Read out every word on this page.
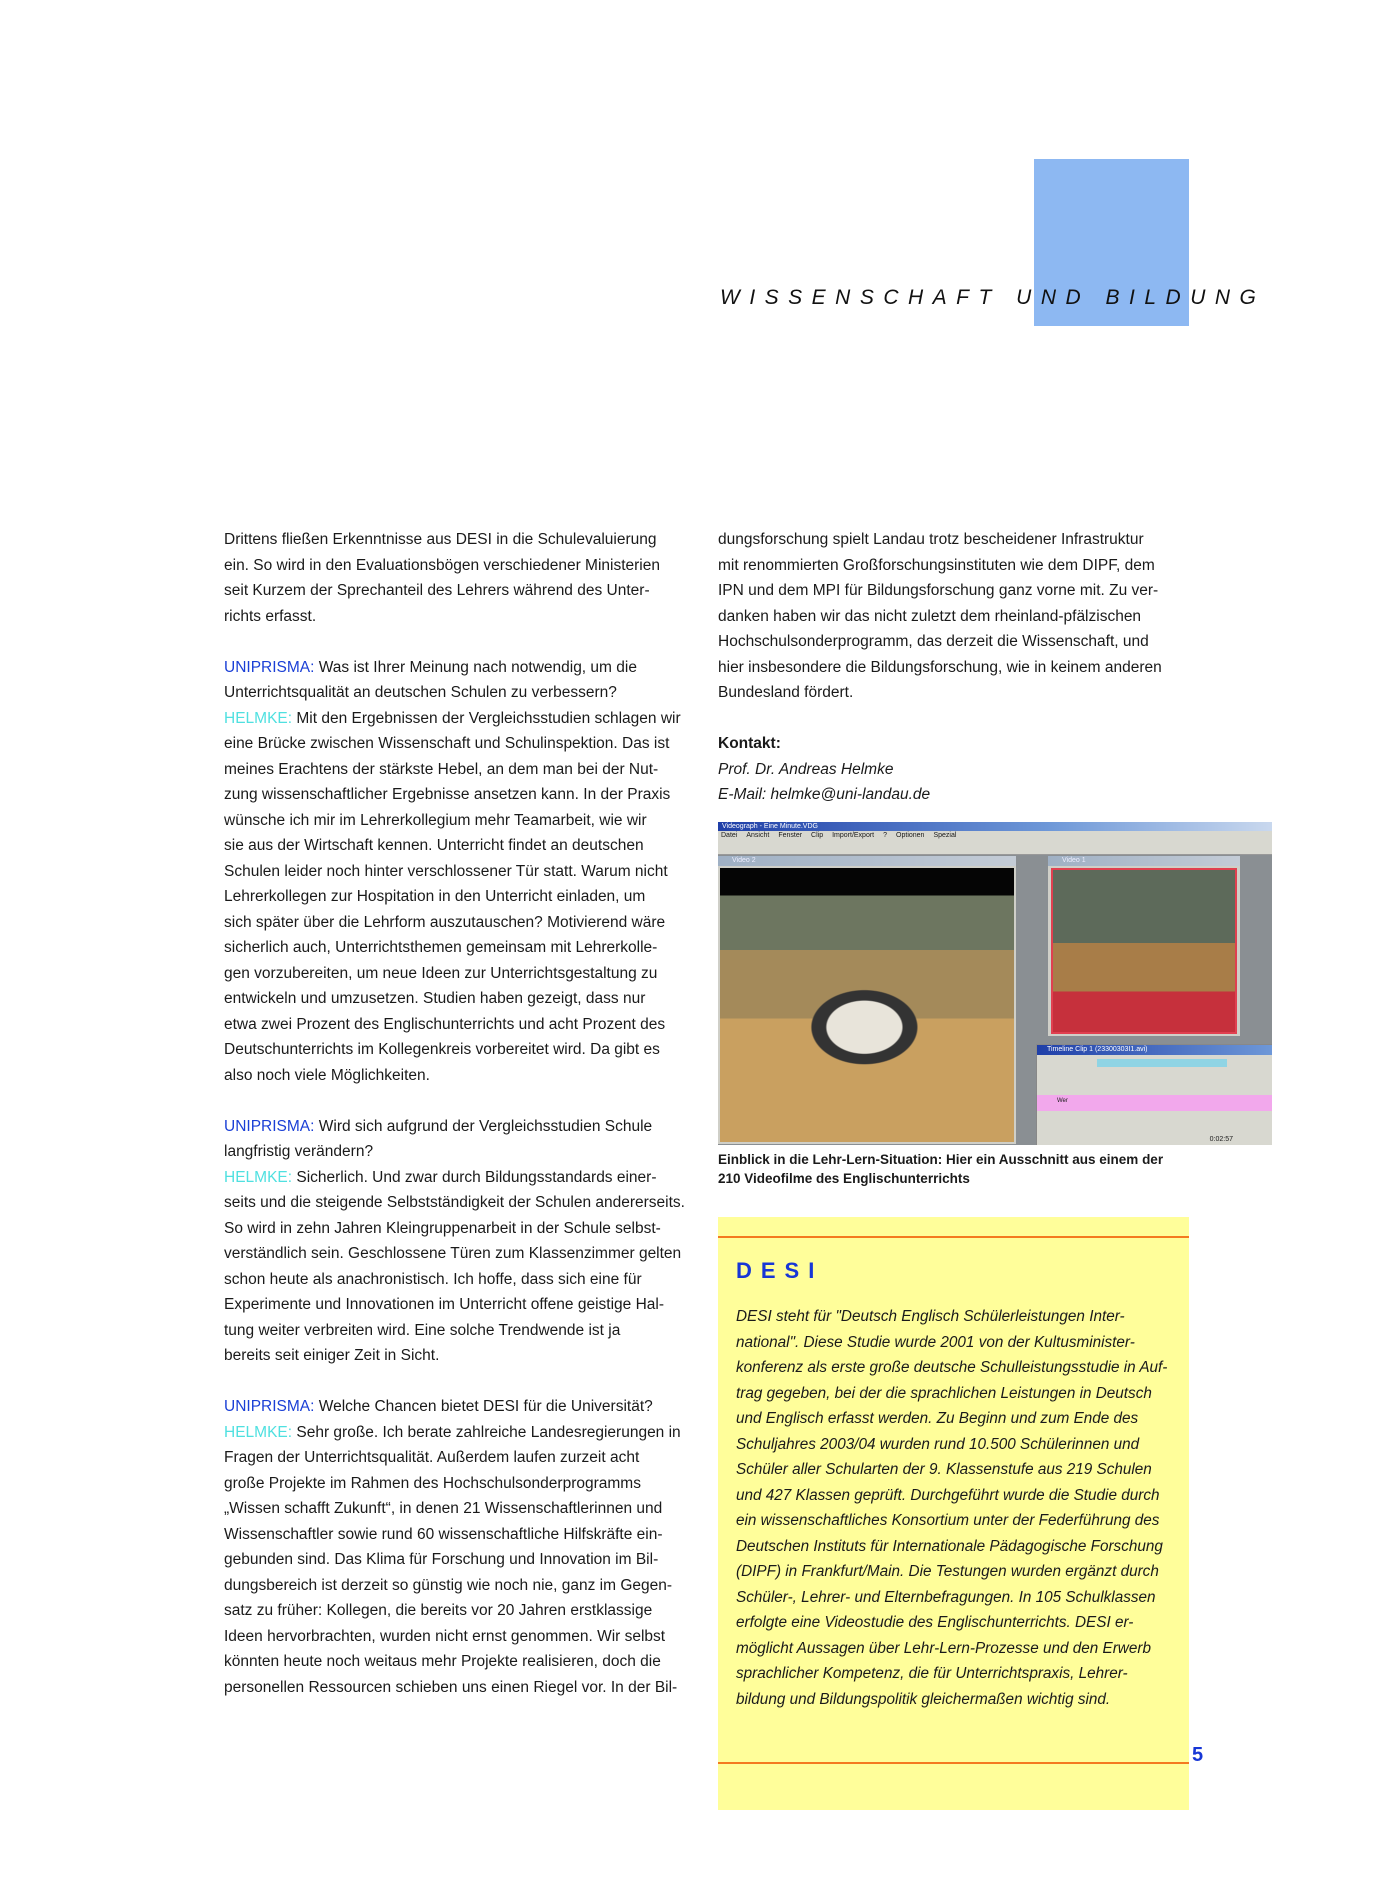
WISSENSCHAFT UND BILDUNG
Drittens fließen Erkenntnisse aus DESI in die Schulevaluierung
ein. So wird in den Evaluationsbögen verschiedener Ministerien
seit Kurzem der Sprechanteil des Lehrers während des Unter-
richts erfasst.
UNIPRISMA: Was ist Ihrer Meinung nach notwendig, um die
Unterrichtsqualität an deutschen Schulen zu verbessern?
HELMKE: Mit den Ergebnissen der Vergleichsstudien schlagen wir
eine Brücke zwischen Wissenschaft und Schulinspektion. Das ist
meines Erachtens der stärkste Hebel, an dem man bei der Nut-
zung wissenschaftlicher Ergebnisse ansetzen kann. In der Praxis
wünsche ich mir im Lehrerkollegium mehr Teamarbeit, wie wir
sie aus der Wirtschaft kennen. Unterricht findet an deutschen
Schulen leider noch hinter verschlossener Tür statt. Warum nicht
Lehrerkollegen zur Hospitation in den Unterricht einladen, um
sich später über die Lehrform auszutauschen? Motivierend wäre
sicherlich auch, Unterrichtsthemen gemeinsam mit Lehrerkolle-
gen vorzubereiten, um neue Ideen zur Unterrichtsgestaltung zu
entwickeln und umzusetzen. Studien haben gezeigt, dass nur
etwa zwei Prozent des Englischunterrichts und acht Prozent des
Deutschunterrichts im Kollegenkreis vorbereitet wird. Da gibt es
also noch viele Möglichkeiten.
UNIPRISMA: Wird sich aufgrund der Vergleichsstudien Schule
langfristig verändern?
HELMKE: Sicherlich. Und zwar durch Bildungsstandards einer-
seits und die steigende Selbstständigkeit der Schulen andererseits.
So wird in zehn Jahren Kleingruppenarbeit in der Schule selbst-
verständlich sein. Geschlossene Türen zum Klassenzimmer gelten
schon heute als anachronistisch. Ich hoffe, dass sich eine für
Experimente und Innovationen im Unterricht offene geistige Hal-
tung weiter verbreiten wird. Eine solche Trendwende ist ja
bereits seit einiger Zeit in Sicht.
UNIPRISMA: Welche Chancen bietet DESI für die Universität?
HELMKE: Sehr große. Ich berate zahlreiche Landesregierungen in
Fragen der Unterrichtsqualität. Außerdem laufen zurzeit acht
große Projekte im Rahmen des Hochschulsonderprogramms
„Wissen schafft Zukunft“, in denen 21 Wissenschaftlerinnen und
Wissenschaftler sowie rund 60 wissenschaftliche Hilfskräfte ein-
gebunden sind. Das Klima für Forschung und Innovation im Bil-
dungsbereich ist derzeit so günstig wie noch nie, ganz im Gegen-
satz zu früher: Kollegen, die bereits vor 20 Jahren erstklassige
Ideen hervorbrachten, wurden nicht ernst genommen. Wir selbst
könnten heute noch weitaus mehr Projekte realisieren, doch die
personellen Ressourcen schieben uns einen Riegel vor. In der Bil-
dungsforschung spielt Landau trotz bescheidener Infrastruktur
mit renommierten Großforschungsinstituten wie dem DIPF, dem
IPN und dem MPI für Bildungsforschung ganz vorne mit. Zu ver-
danken haben wir das nicht zuletzt dem rheinland-pfälzischen
Hochschulsonderprogramm, das derzeit die Wissenschaft, und
hier insbesondere die Bildungsforschung, wie in keinem anderen
Bundesland fördert.
Kontakt:
Prof. Dr. Andreas Helmke
E-Mail: helmke@uni-landau.de
Videograph - Eine Minute.VDG
Datei Ansicht Fenster Clip Import/Export ? Optionen Spezial
Video 2	Video 1
Timeline Clip 1 (23300303I1.avi)
Wer
0:02:57
Einblick in die Lehr-Lern-Situation: Hier ein Ausschnitt aus einem der
210 Videofilme des Englischunterrichts
DESI
DESI steht für "Deutsch Englisch Schülerleistungen Inter-
national". Diese Studie wurde 2001 von der Kultusminister-
konferenz als erste große deutsche Schulleistungsstudie in Auf-
trag gegeben, bei der die sprachlichen Leistungen in Deutsch
und Englisch erfasst werden. Zu Beginn und zum Ende des
Schuljahres 2003/04 wurden rund 10.500 Schülerinnen und
Schüler aller Schularten der 9. Klassenstufe aus 219 Schulen
und 427 Klassen geprüft. Durchgeführt wurde die Studie durch
ein wissenschaftliches Konsortium unter der Federführung des
Deutschen Instituts für Internationale Pädagogische Forschung
(DIPF) in Frankfurt/Main. Die Testungen wurden ergänzt durch
Schüler-, Lehrer- und Elternbefragungen. In 105 Schulklassen
erfolgte eine Videostudie des Englischunterrichts. DESI er-
möglicht Aussagen über Lehr-Lern-Prozesse und den Erwerb
sprachlicher Kompetenz, die für Unterrichtspraxis, Lehrer-
bildung und Bildungspolitik gleichermaßen wichtig sind.
5
